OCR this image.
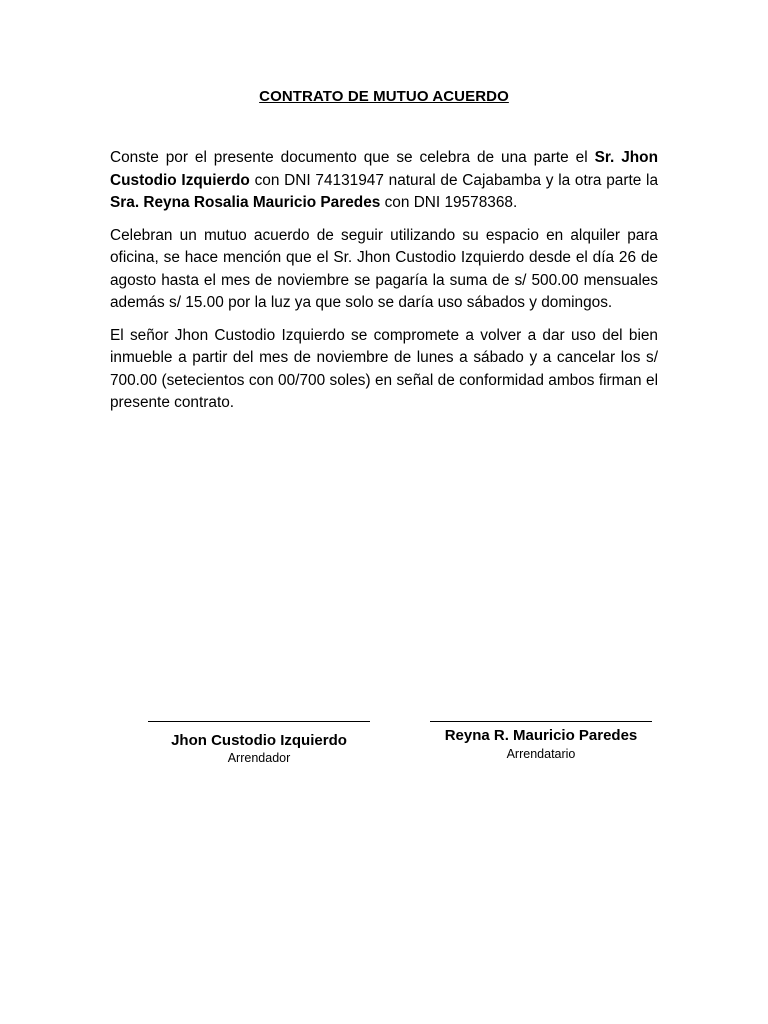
CONTRATO DE MUTUO ACUERDO

Conste por el presente documento que se celebra de una parte el Sr. Jhon Custodio Izquierdo con DNI 74131947 natural de Cajabamba y la otra parte la Sra. Reyna Rosalia Mauricio Paredes con DNI 19578368.

Celebran un mutuo acuerdo de seguir utilizando su espacio en alquiler para oficina, se hace mención que el Sr. Jhon Custodio Izquierdo desde el día 26 de agosto hasta el mes de noviembre se pagaría la suma de s/ 500.00 mensuales además s/ 15.00 por la luz ya que solo se daría uso sábados y domingos.

El señor Jhon Custodio Izquierdo se compromete a volver a dar uso del bien inmueble a partir del mes de noviembre de lunes a sábado y a cancelar los s/ 700.00 (setecientos con 00/700 soles) en señal de conformidad ambos firman el presente contrato.

Jhon Custodio Izquierdo
Arrendador
Reyna R. Mauricio Paredes
Arrendatario
